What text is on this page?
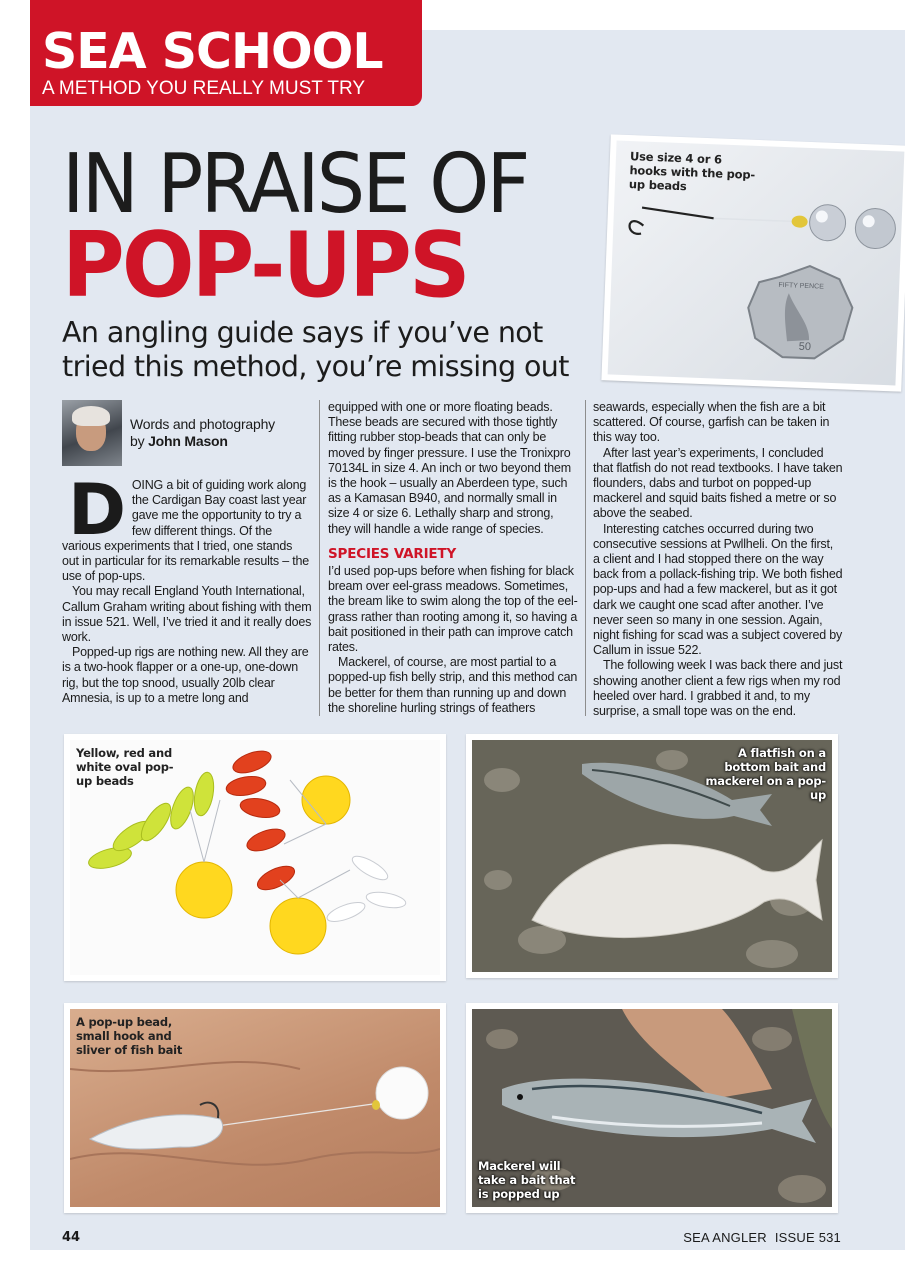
SEA SCHOOL
A METHOD YOU REALLY MUST TRY
IN PRAISE OF
POP-UPS
An angling guide says if you’ve not tried this method, you’re missing out
Use size 4 or 6 hooks with the pop-up beads
FIFTY PENCE
50
Words and photography
by John Mason

DOING a bit of guiding work along the Cardigan Bay coast last year gave me the opportunity to try a few different things. Of the various experiments that I tried, one stands out in particular for its remarkable results – the use of pop-ups.

You may recall England Youth International, Callum Graham writing about fishing with them in issue 521. Well, I’ve tried it and it really does work.

Popped-up rigs are nothing new. All they are is a two-hook flapper or a one-up, one-down rig, but the top snood, usually 20lb clear Amnesia, is up to a metre long and

equipped with one or more floating beads. These beads are secured with those tightly fitting rubber stop-beads that can only be moved by finger pressure. I use the Tronixpro 70134L in size 4. An inch or two beyond them is the hook – usually an Aberdeen type, such as a Kamasan B940, and normally small in size 4 or size 6. Lethally sharp and strong, they will handle a wide range of species.

SPECIES VARIETY

I’d used pop-ups before when fishing for black bream over eel-grass meadows. Sometimes, the bream like to swim along the top of the eel-grass rather than rooting among it, so having a bait positioned in their path can improve catch rates.

Mackerel, of course, are most partial to a popped-up fish belly strip, and this method can be better for them than running up and down the shoreline hurling strings of feathers

seawards, especially when the fish are a bit scattered. Of course, garfish can be taken in this way too.

After last year’s experiments, I concluded that flatfish do not read textbooks. I have taken flounders, dabs and turbot on popped-up mackerel and squid baits fished a metre or so above the seabed.

Interesting catches occurred during two consecutive sessions at Pwllheli. On the first, a client and I had stopped there on the way back from a pollack-fishing trip. We both fished pop-ups and had a few mackerel, but as it got dark we caught one scad after another. I’ve never seen so many in one session. Again, night fishing for scad was a subject covered by Callum in issue 522.

The following week I was back there and just showing another client a few rigs when my rod heeled over hard. I grabbed it and, to my surprise, a small tope was on the end.

Yellow, red and white oval pop-up beads
A flatfish on a bottom bait and mackerel on a pop-up
A pop-up bead, small hook and sliver of fish bait
Mackerel will take a bait that is popped up
44	SEA ANGLER ISSUE 531
